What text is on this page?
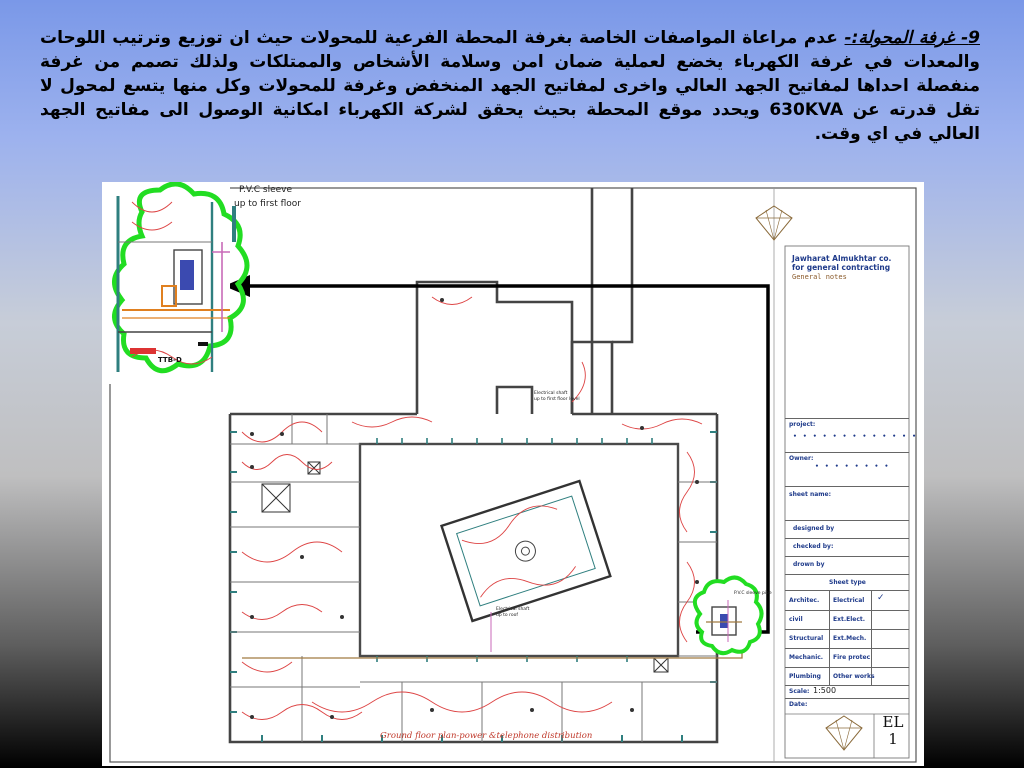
9- غرفة المحولة:- عدم مراعاة المواصفات الخاصة بغرفة المحطة الفرعية للمحولات حيث ان توزيع وترتيب اللوحات والمعدات في غرفة الكهرباء يخضع لعملية ضمان امن وسلامة الأشخاص والممتلكات ولذلك تصمم من غرفة منفصلة احداها لمفاتيح الجهد العالي واخرى لمفاتيح الجهد المنخفض وغرفة للمحولات وكل منها يتسع لمحول لا تقل قدرته عن 630KVA ويحدد موقع المحطة بحيث يحقق لشركة الكهرباء امكانية الوصول الى مفاتيح الجهد العالي في اي وقت.

P.V.C sleeve
up to first floor
TTB-D
Electrical shaft
up to first floor level
Electrical shaft
up to roof
P.V.C sleeve pipe
Ground floor plan-power &telephone distribution
Jawharat Almukhtar co.
for general contracting
General notes
project:
• • • • • • • • • • • • •
Owner:
• • • • • • • •
sheet name:
designed by
checked by:
drown by
Sheet type
Architec. Electrical ✓
civil	Ext.Elect.
Structural Ext.Mech.
Mechanic. Fire protec
Plumbing Other works
Scale: 1:500
Date:
EL
1
